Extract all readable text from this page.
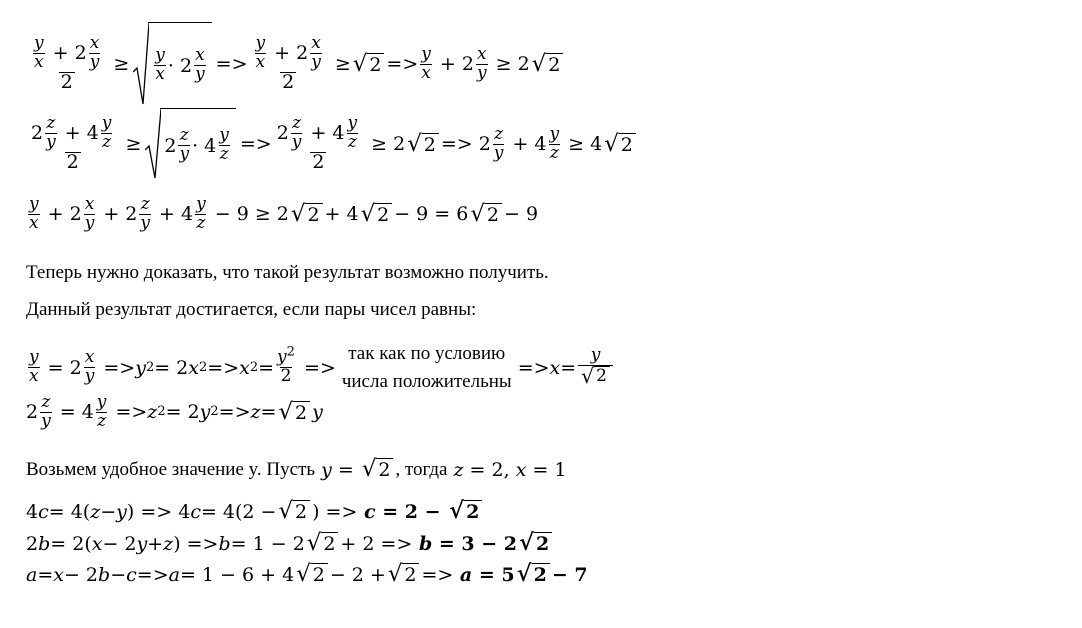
$\frac{\frac{y}{x} + 2 \frac{x}{y}}{2} \ge \frac{y}{x} \cdot 2 \frac{x}{y} => \frac{\frac{y}{x} + 2 \frac{x}{y}}{2}$ ≥ √ $2 => \frac{y}{x} + 2 \frac{x}{y} \ge 2$ √ 2
$\frac{2 \frac{z}{y} + 4 \frac{y}{z}}{2} \ge 2 \frac{z}{y} \cdot 4 \frac{y}{z} => \frac{2 \frac{z}{y} + 4 \frac{y}{z}}{2} \ge 2$ √ $2 => 2 \frac{z}{y} + 4 \frac{y}{z} \ge 4$ √ 2
$\frac{y}{x} + 2 \frac{x}{y} + 2 \frac{z}{y} + 4 \frac{y}{z} - 9 \ge 2$ √ 2 + 4 √ 2 − 9 = 6 √ 2 − 9
Теперь нужно доказать, что такой результат возможно получить.
Данный результат достигается, если пары чисел равны:
$\frac{y}{x} = 2 \frac{x}{y} => y$ 2 = 2 x 2 => x $2 = \frac{y^2}{2}$ =>
так как по условию
числа положительны
=> $x = \frac{y}{√ 2}$
$2 \frac{z}{y} = 4 \frac{y}{z} => z$ 2 = 2 y 2 => z = √ 2 y
Возьмем удобное значение y. Пусть y = √ 2 , тогда z = 2, x = 1
4 c = 4( z − y ) => 4 c = 4(2 − √ 2 ) => c = 2 − √ 2
2 b = 2( x − 2 y + z ) => b = 1 − 2 √ 2 + 2 => b = 3 − 2 √ 2
a = x − 2 b − c => a = 1 − 6 + 4 √ 2 − 2 + √ 2 => a = 5 √ 2 − 7
